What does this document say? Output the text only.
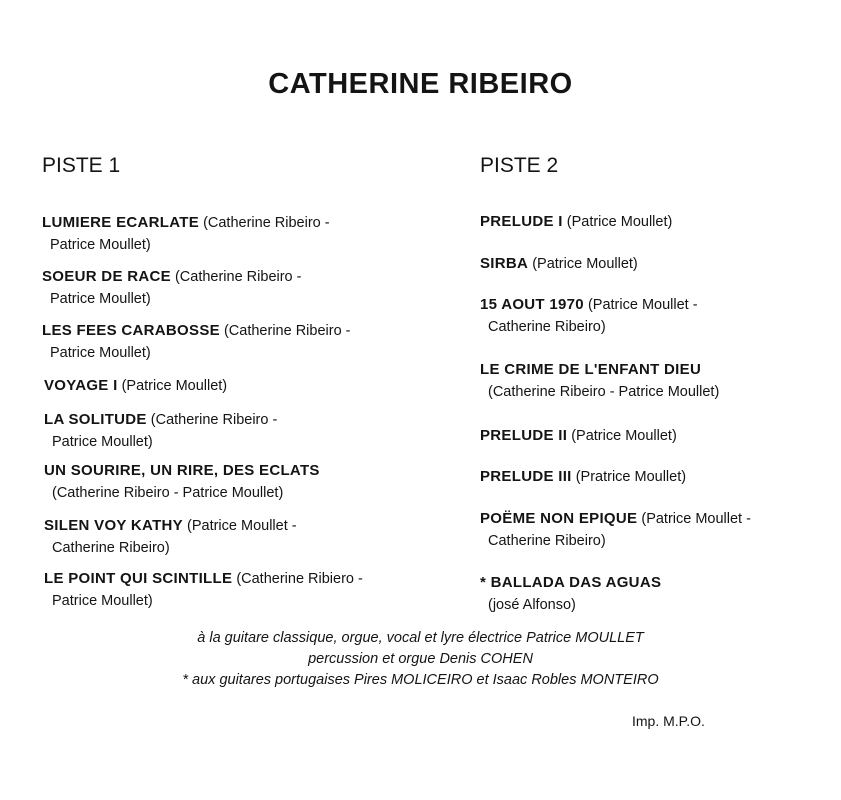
CATHERINE RIBEIRO
PISTE 1	PISTE 2
LUMIERE ECARLATE (Catherine Ribeiro -
Patrice Moullet)
SOEUR DE RACE (Catherine Ribeiro -
Patrice Moullet)
LES FEES CARABOSSE (Catherine Ribeiro -
Patrice Moullet)
VOYAGE I (Patrice Moullet)
LA SOLITUDE (Catherine Ribeiro -
Patrice Moullet)
UN SOURIRE, UN RIRE, DES ECLATS
(Catherine Ribeiro - Patrice Moullet)
SILEN VOY KATHY (Patrice Moullet -
Catherine Ribeiro)
LE POINT QUI SCINTILLE (Catherine Ribiero -
Patrice Moullet)
PRELUDE I (Patrice Moullet)
SIRBA (Patrice Moullet)
15 AOUT 1970 (Patrice Moullet -
Catherine Ribeiro)
LE CRIME DE L'ENFANT DIEU
(Catherine Ribeiro - Patrice Moullet)
PRELUDE II (Patrice Moullet)
PRELUDE III (Pratrice Moullet)
POËME NON EPIQUE (Patrice Moullet -
Catherine Ribeiro)
* BALLADA DAS AGUAS
(josé Alfonso)
à la guitare classique, orgue, vocal et lyre électrice Patrice MOULLET
percussion et orgue Denis COHEN
* aux guitares portugaises Pires MOLICEIRO et Isaac Robles MONTEIRO
Imp. M.P.O.
